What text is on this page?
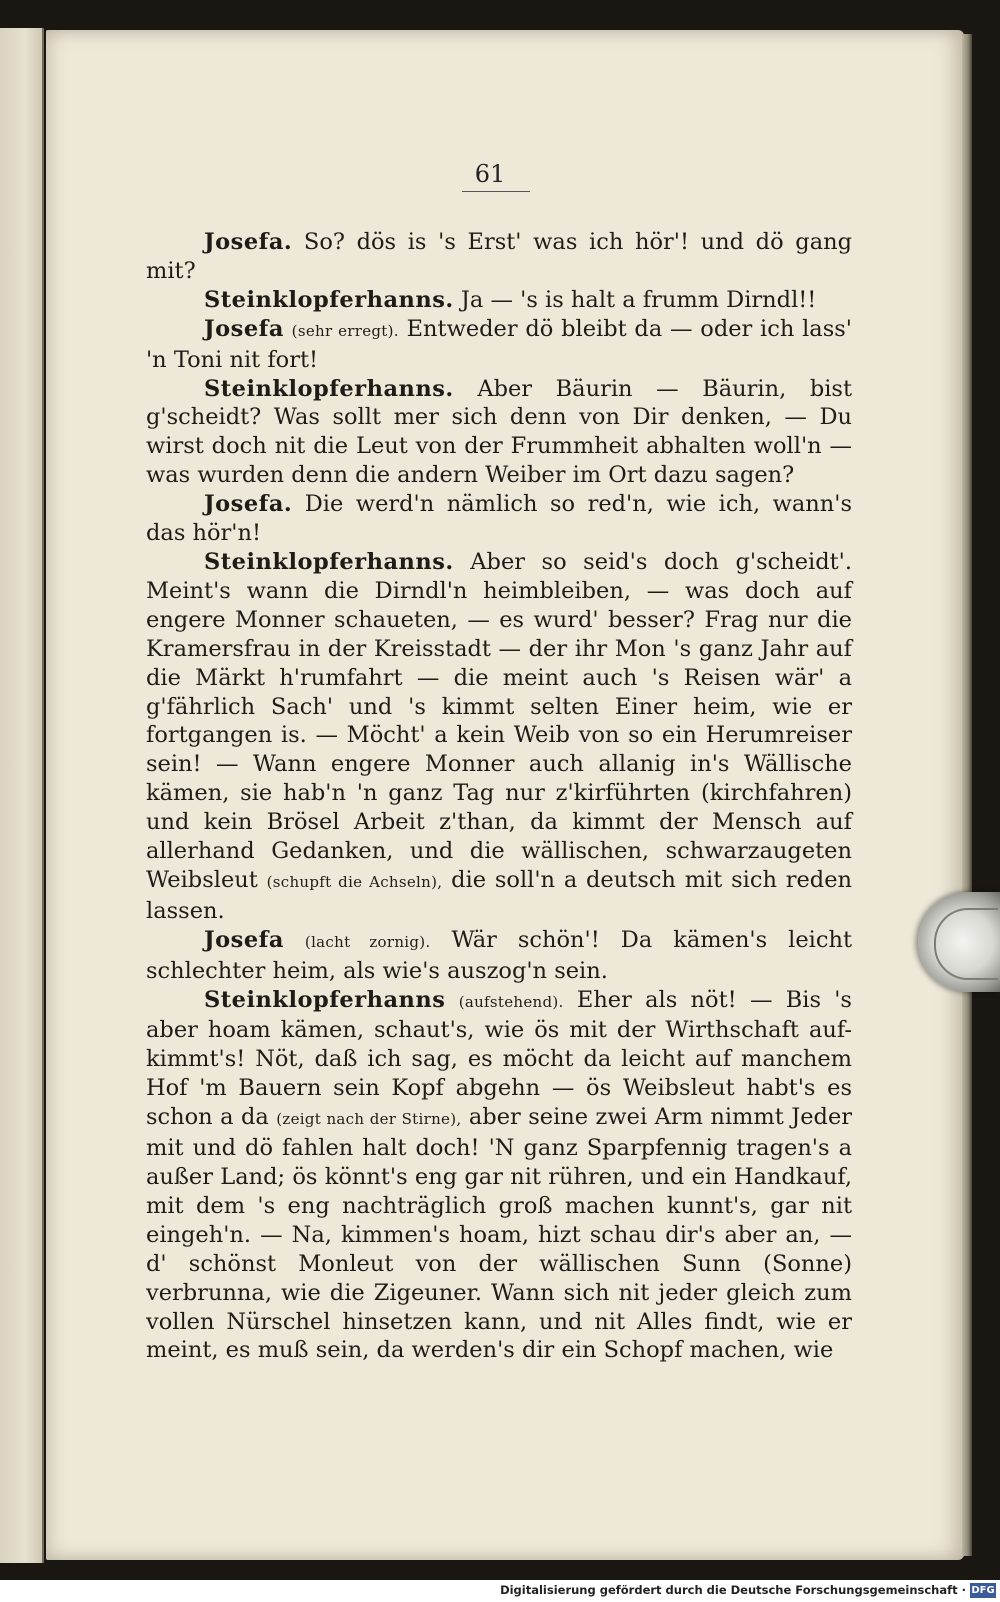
61

Josefa. So? dös is 's Erst' was ich hör'! und dö gang mit?

Steinklopferhanns. Ja — 's is halt a frumm Dirndl!!

Josefa (sehr erregt). Entweder dö bleibt da — oder ich lass' 'n Toni nit fort!

Steinklopferhanns. Aber Bäurin — Bäurin, bist g'scheidt? Was sollt mer sich denn von Dir denken, — Du wirst doch nit die Leut von der Frummheit abhalten woll'n — was wurden denn die andern Weiber im Ort dazu sagen?

Josefa. Die werd'n nämlich so red'n, wie ich, wann's das hör'n!

Steinklopferhanns. Aber so seid's doch g'scheidt'. Meint's wann die Dirndl'n heimbleiben, — was doch auf engere Monner schaueten, — es wurd' besser? Frag nur die Kramersfrau in der Kreisstadt — der ihr Mon 's ganz Jahr auf die Märkt h'rumfahrt — die meint auch 's Reisen wär' a g'fährlich Sach' und 's kimmt selten Einer heim, wie er fortgangen is. — Möcht' a kein Weib von so ein Herumreiser sein! — Wann engere Monner auch allanig in's Wällische kämen, sie hab'n 'n ganz Tag nur z'kirführten (kirchfahren) und kein Brösel Arbeit z'than, da kimmt der Mensch auf allerhand Gedanken, und die wällischen, schwarzaugeten Weibsleut (schupft die Achseln), die soll'n a deutsch mit sich reden lassen.

Josefa (lacht zornig). Wär schön'! Da kämen's leicht schlechter heim, als wie's auszog'n sein.

Steinklopferhanns (aufstehend). Eher als nöt! — Bis 's aber hoam kämen, schaut's, wie ös mit der Wirthschaft auf-kimmt's! Nöt, daß ich sag, es möcht da leicht auf manchem Hof 'm Bauern sein Kopf abgehn — ös Weibsleut habt's es schon a da (zeigt nach der Stirne), aber seine zwei Arm nimmt Jeder mit und dö fahlen halt doch! 'N ganz Sparpfennig tragen's a außer Land; ös könnt's eng gar nit rühren, und ein Handkauf, mit dem 's eng nachträglich groß machen kunnt's, gar nit eingeh'n. — Na, kimmen's hoam, hizt schau dir's aber an, — d' schönst Monleut von der wällischen Sunn (Sonne) verbrunna, wie die Zigeuner. Wann sich nit jeder gleich zum vollen Nürschel hinsetzen kann, und nit Alles findt, wie er meint, es muß sein, da werden's dir ein Schopf machen, wie

Digitalisierung gefördert durch die Deutsche Forschungsgemeinschaft · DFG
